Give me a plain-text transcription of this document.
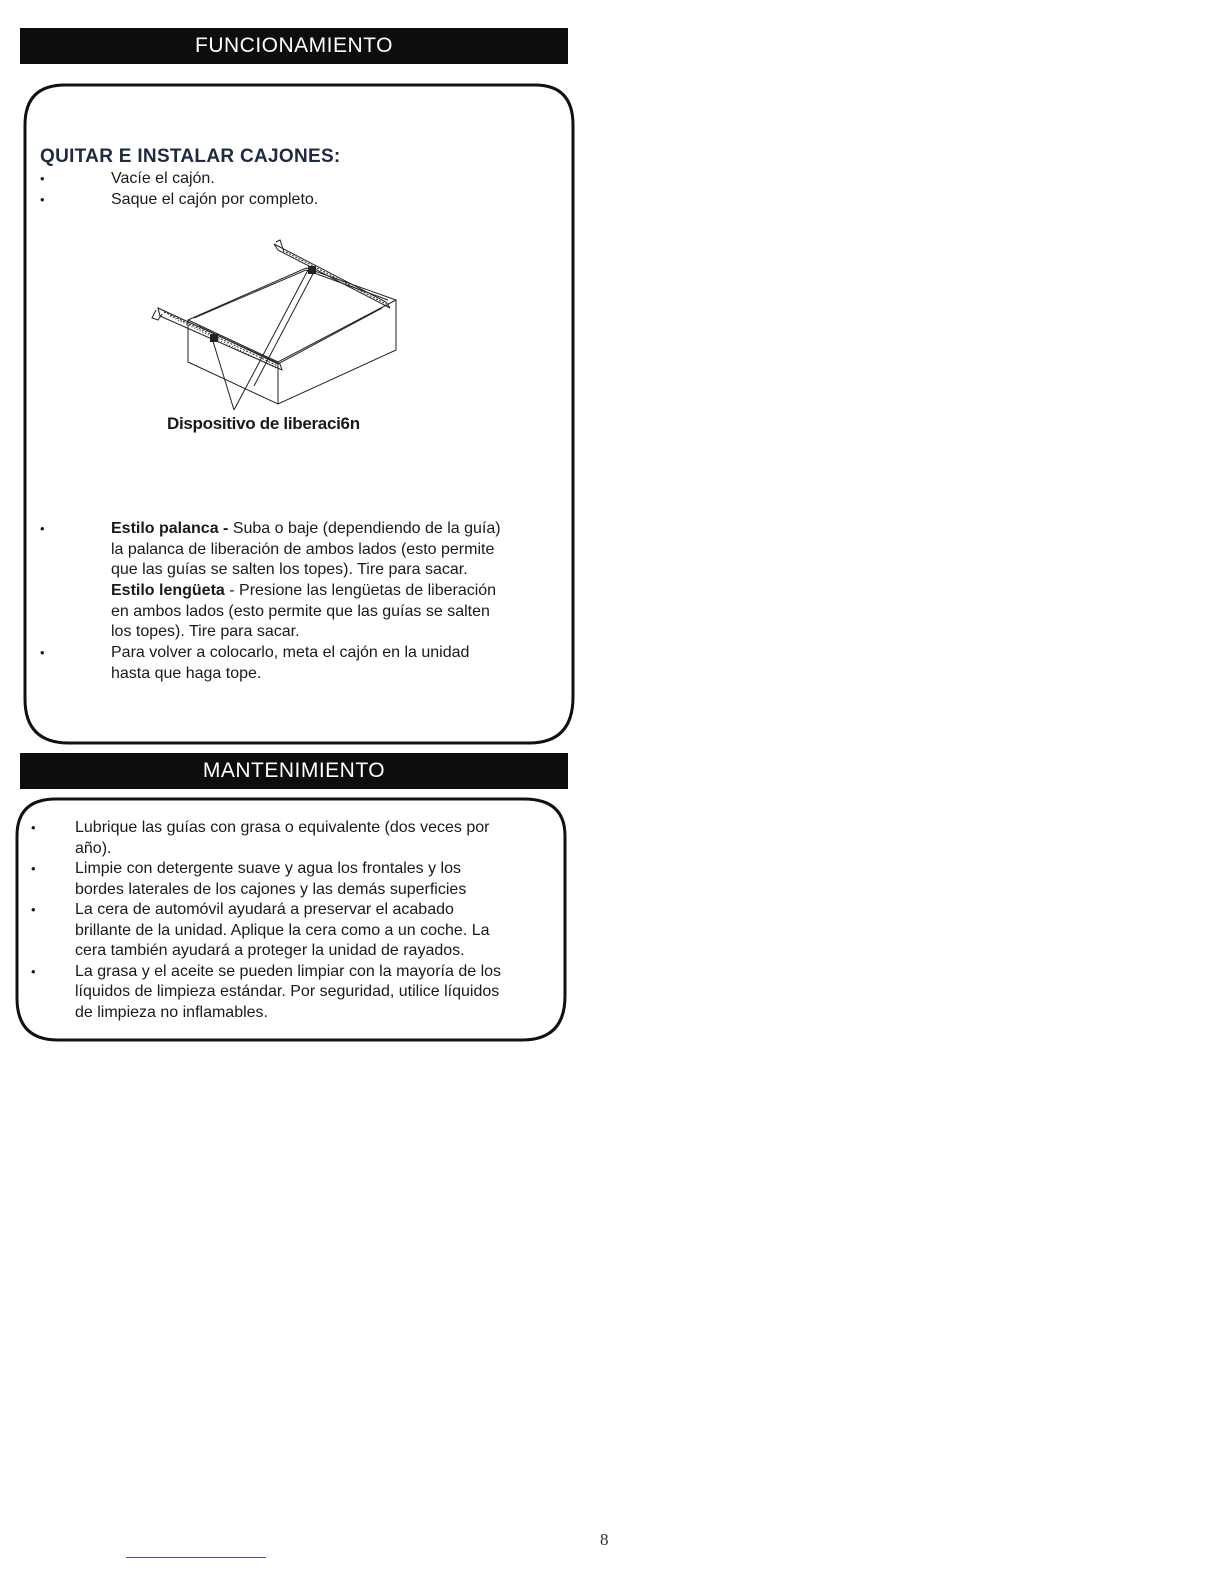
FUNCIONAMIENTO
QUITAR E INSTALAR CAJONES:
•	Vacíe el cajón.
•	Saque el cajón por completo.
Dispositivo de liberaci6n
•	Estilo palanca - Suba o baje (dependiendo de la guía)
la palanca de liberación de ambos lados (esto permite
que las guías se salten los topes). Tire para sacar.
Estilo lengüeta - Presione las lengüetas de liberación
en ambos lados (esto permite que las guías se salten
los topes). Tire para sacar.
•	Para volver a colocarlo, meta el cajón en la unidad
hasta que haga tope.
MANTENIMIENTO
• Lubrique las guías con grasa o equivalente (dos veces por
año).
• Limpie con detergente suave y agua los frontales y los
bordes laterales de los cajones y las demás superficies
• La cera de automóvil ayudará a preservar el acabado
brillante de la unidad. Aplique la cera como a un coche. La
cera también ayudará a proteger la unidad de rayados.
• La grasa y el aceite se pueden limpiar con la mayoría de los
líquidos de limpieza estándar. Por seguridad, utilice líquidos
de limpieza no inflamables.
8
